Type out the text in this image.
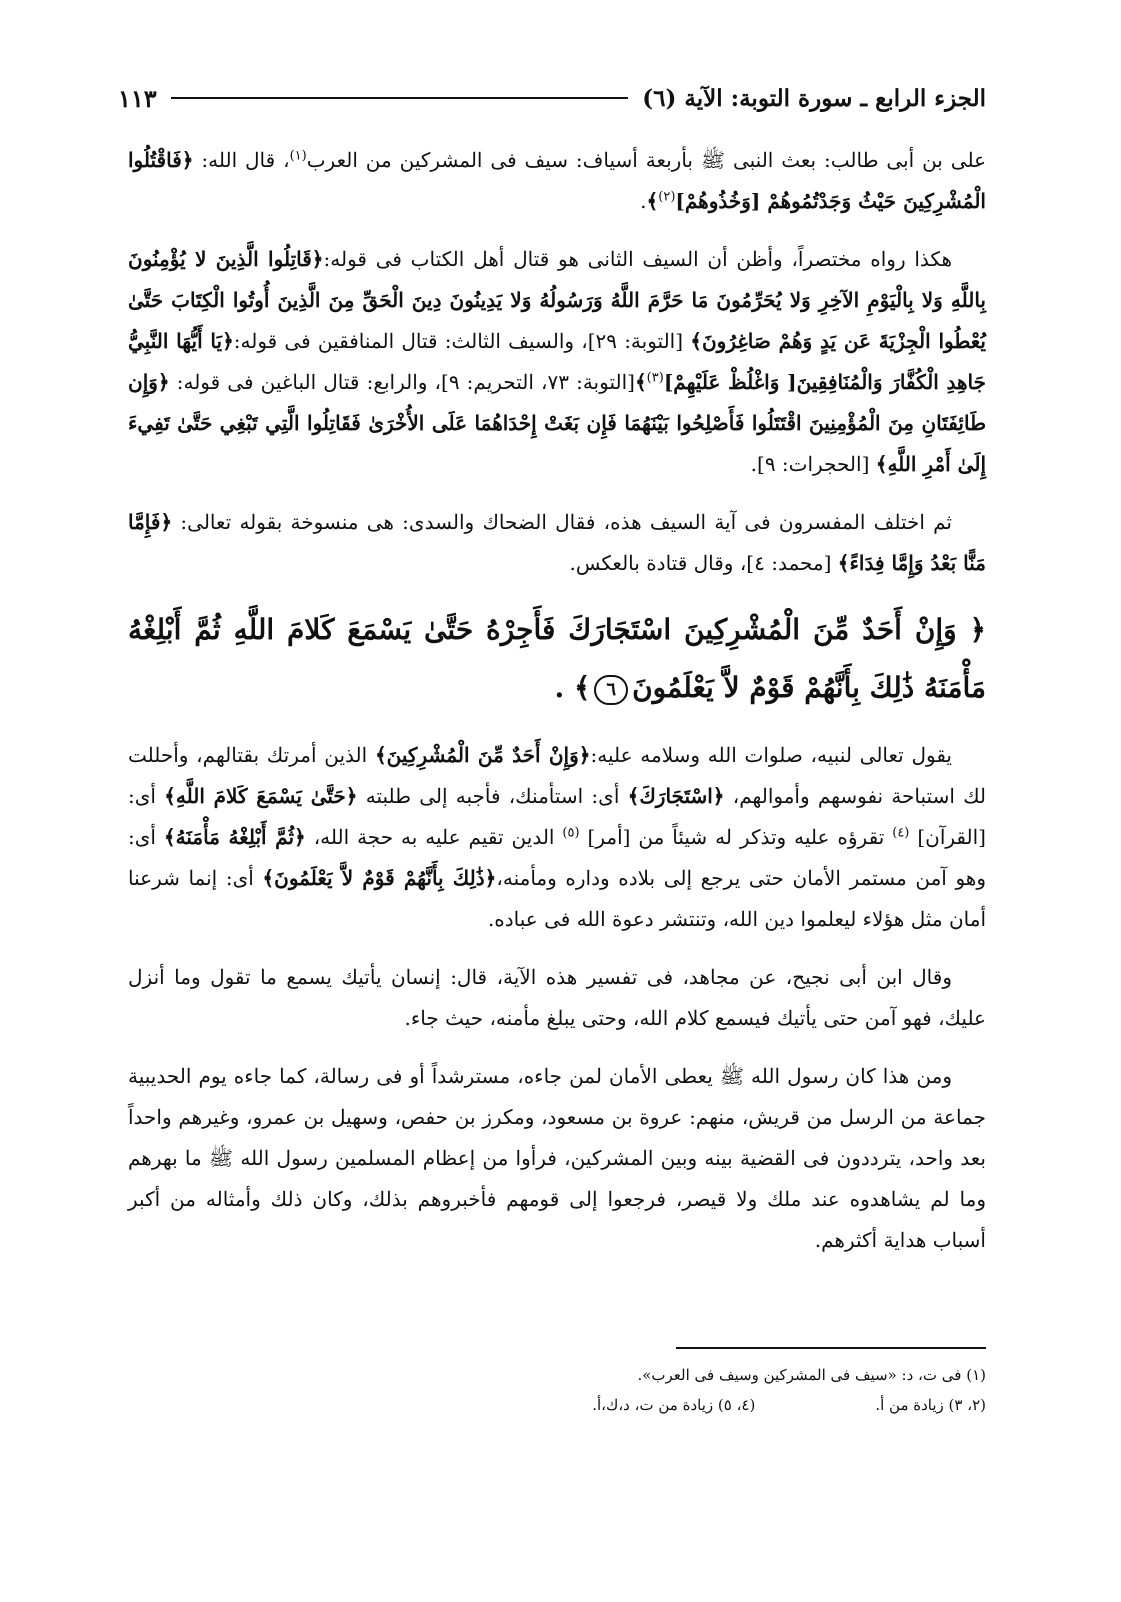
الجزء الرابع ـ سورة التوبة: الآية (٦)
١١٣

على بن أبى طالب: بعث النبى ﷺ بأربعة أسياف: سيف فى المشركين من العرب$^{(١)}$، قال الله: ﴿فَاقْتُلُوا الْمُشْرِكِينَ حَيْثُ وَجَدْتُمُوهُمْ [وَخُذُوهُمْ]$^{(٢)}$﴾.

هكذا رواه مختصراً، وأظن أن السيف الثانى هو قتال أهل الكتاب فى قوله:﴿قَاتِلُوا الَّذِينَ لا يُؤْمِنُونَ بِاللَّهِ وَلا بِالْيَوْمِ الآخِرِ وَلا يُحَرِّمُونَ مَا حَرَّمَ اللَّهُ وَرَسُولُهُ وَلا يَدِينُونَ دِينَ الْحَقِّ مِنَ الَّذِينَ أُوتُوا الْكِتَابَ حَتَّىٰ يُعْطُوا الْجِزْيَةَ عَن يَدٍ وَهُمْ صَاغِرُونَ﴾ [التوبة: ٢٩]، والسيف الثالث: قتال المنافقين فى قوله:﴿يَا أَيُّهَا النَّبِيُّ جَاهِدِ الْكُفَّارَ وَالْمُنَافِقِينَ[ وَاغْلُظْ عَلَيْهِمْ]$^{(٣)}$﴾[التوبة: ٧٣، التحريم: ٩]، والرابع: قتال الباغين فى قوله: ﴿وَإِن طَائِفَتَانِ مِنَ الْمُؤْمِنِينَ اقْتَتَلُوا فَأَصْلِحُوا بَيْنَهُمَا فَإِن بَغَتْ إِحْدَاهُمَا عَلَى الأُخْرَىٰ فَقَاتِلُوا الَّتِي تَبْغِي حَتَّىٰ تَفِيءَ إِلَىٰ أَمْرِ اللَّهِ﴾ [الحجرات: ٩].

ثم اختلف المفسرون فى آية السيف هذه، فقال الضحاك والسدى: هى منسوخة بقوله تعالى: ﴿فَإِمَّا مَنًّا بَعْدُ وَإِمَّا فِدَاءً﴾ [محمد: ٤]، وقال قتادة بالعكس.

﴿ وَإِنْ أَحَدٌ مِّنَ الْمُشْرِكِينَ اسْتَجَارَكَ فَأَجِرْهُ حَتَّىٰ يَسْمَعَ كَلامَ اللَّهِ ثُمَّ أَبْلِغْهُ مَأْمَنَهُ ذَٰلِكَ بِأَنَّهُمْ قَوْمٌ لاَّ يَعْلَمُونَ٦﴾ .

يقول تعالى لنبيه، صلوات الله وسلامه عليه:﴿وَإِنْ أَحَدٌ مِّنَ الْمُشْرِكِينَ﴾ الذين أمرتك بقتالهم، وأحللت لك استباحة نفوسهم وأموالهم، ﴿اسْتَجَارَكَ﴾ أى: استأمنك، فأجبه إلى طلبته ﴿حَتَّىٰ يَسْمَعَ كَلامَ اللَّهِ﴾ أى: [القرآن] $^{(٤)}$ تقرؤه عليه وتذكر له شيئاً من [أمر] $^{(٥)}$ الدين تقيم عليه به حجة الله، ﴿ثُمَّ أَبْلِغْهُ مَأْمَنَهُ﴾ أى: وهو آمن مستمر الأمان حتى يرجع إلى بلاده وداره ومأمنه،﴿ذَٰلِكَ بِأَنَّهُمْ قَوْمٌ لاَّ يَعْلَمُونَ﴾ أى: إنما شرعنا أمان مثل هؤلاء ليعلموا دين الله، وتنتشر دعوة الله فى عباده.

وقال ابن أبى نجيح، عن مجاهد، فى تفسير هذه الآية، قال: إنسان يأتيك يسمع ما تقول وما أنزل عليك، فهو آمن حتى يأتيك فيسمع كلام الله، وحتى يبلغ مأمنه، حيث جاء.

ومن هذا كان رسول الله ﷺ يعطى الأمان لمن جاءه، مسترشداً أو فى رسالة، كما جاءه يوم الحديبية جماعة من الرسل من قريش، منهم: عروة بن مسعود، ومكرز بن حفص، وسهيل بن عمرو، وغيرهم واحداً بعد واحد، يترددون فى القضية بينه وبين المشركين، فرأوا من إعظام المسلمين رسول الله ﷺ ما بهرهم وما لم يشاهدوه عند ملك ولا قيصر، فرجعوا إلى قومهم فأخبروهم بذلك، وكان ذلك وأمثاله من أكبر أسباب هداية أكثرهم.

(١) فى ت، د: «سيف فى المشركين وسيف فى العرب».
(٢، ٣) زيادة من أ.
(٤، ٥) زيادة من ت، د،ك،أ.
